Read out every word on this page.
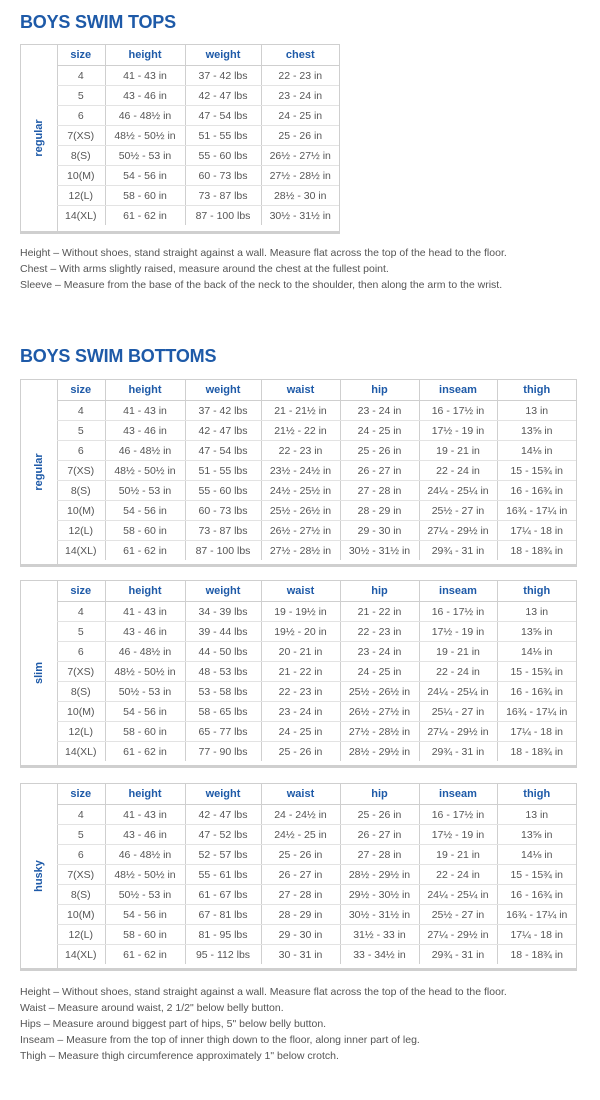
BOYS SWIM TOPS
regular
size	height	weight	chest
4	41 - 43 in	37 - 42 lbs	22 - 23 in
5	43 - 46 in	42 - 47 lbs	23 - 24 in
6	46 - 48½ in	47 - 54 lbs	24 - 25 in
7(XS)	48½ - 50½ in	51 - 55 lbs	25 - 26 in
8(S)	50½ - 53 in	55 - 60 lbs	26½ - 27½ in
10(M)	54 - 56 in	60 - 73 lbs	27½ - 28½ in
12(L)	58 - 60 in	73 - 87 lbs	28½ - 30 in
14(XL)	61 - 62 in	87 - 100 lbs	30½ - 31½ in
Height – Without shoes, stand straight against a wall. Measure flat across the top of the head to the floor.
Chest – With arms slightly raised, measure around the chest at the fullest point.
Sleeve – Measure from the base of the back of the neck to the shoulder, then along the arm to the wrist.
BOYS SWIM BOTTOMS
regular
size	height	weight	waist	hip	inseam	thigh
4	41 - 43 in	37 - 42 lbs	21 - 21½ in	23 - 24 in	16 - 17½ in	13 in
5	43 - 46 in	42 - 47 lbs	21½ - 22 in	24 - 25 in	17½ - 19 in	13⅝ in
6	46 - 48½ in	47 - 54 lbs	22 - 23 in	25 - 26 in	19 - 21 in	14⅛ in
7(XS)	48½ - 50½ in	51 - 55 lbs	23½ - 24½ in	26 - 27 in	22 - 24 in	15 - 15¾ in
8(S)	50½ - 53 in	55 - 60 lbs	24½ - 25½ in	27 - 28 in	24¼ - 25¼ in	16 - 16¾ in
10(M)	54 - 56 in	60 - 73 lbs	25½ - 26½ in	28 - 29 in	25½ - 27 in	16¾ - 17¼ in
12(L)	58 - 60 in	73 - 87 lbs	26½ - 27½ in	29 - 30 in	27¼ - 29½ in	17¼ - 18 in
14(XL)	61 - 62 in	87 - 100 lbs	27½ - 28½ in	30½ - 31½ in	29¾ - 31 in	18 - 18¾ in
slim
size	height	weight	waist	hip	inseam	thigh
4	41 - 43 in	34 - 39 lbs	19 - 19½ in	21 - 22 in	16 - 17½ in	13 in
5	43 - 46 in	39 - 44 lbs	19½ - 20 in	22 - 23 in	17½ - 19 in	13⅝ in
6	46 - 48½ in	44 - 50 lbs	20 - 21 in	23 - 24 in	19 - 21 in	14⅛ in
7(XS)	48½ - 50½ in	48 - 53 lbs	21 - 22 in	24 - 25 in	22 - 24 in	15 - 15¾ in
8(S)	50½ - 53 in	53 - 58 lbs	22 - 23 in	25½ - 26½ in	24¼ - 25¼ in	16 - 16¾ in
10(M)	54 - 56 in	58 - 65 lbs	23 - 24 in	26½ - 27½ in	25¼ - 27 in	16¾ - 17¼ in
12(L)	58 - 60 in	65 - 77 lbs	24 - 25 in	27½ - 28½ in	27¼ - 29½ in	17¼ - 18 in
14(XL)	61 - 62 in	77 - 90 lbs	25 - 26 in	28½ - 29½ in	29¾ - 31 in	18 - 18¾ in
husky
size	height	weight	waist	hip	inseam	thigh
4	41 - 43 in	42 - 47 lbs	24 - 24½ in	25 - 26 in	16 - 17½ in	13 in
5	43 - 46 in	47 - 52 lbs	24½ - 25 in	26 - 27 in	17½ - 19 in	13⅝ in
6	46 - 48½ in	52 - 57 lbs	25 - 26 in	27 - 28 in	19 - 21 in	14⅛ in
7(XS)	48½ - 50½ in	55 - 61 lbs	26 - 27 in	28½ - 29½ in	22 - 24 in	15 - 15¾ in
8(S)	50½ - 53 in	61 - 67 lbs	27 - 28 in	29½ - 30½ in	24¼ - 25¼ in	16 - 16¾ in
10(M)	54 - 56 in	67 - 81 lbs	28 - 29 in	30½ - 31½ in	25½ - 27 in	16¾ - 17¼ in
12(L)	58 - 60 in	81 - 95 lbs	29 - 30 in	31½ - 33 in	27¼ - 29½ in	17¼ - 18 in
14(XL)	61 - 62 in	95 - 112 lbs	30 - 31 in	33 - 34½ in	29¾ - 31 in	18 - 18¾ in
Height – Without shoes, stand straight against a wall. Measure flat across the top of the head to the floor.
Waist – Measure around waist, 2 1/2" below belly button.
Hips – Measure around biggest part of hips, 5" below belly button.
Inseam – Measure from the top of inner thigh down to the floor, along inner part of leg.
Thigh – Measure thigh circumference approximately 1" below crotch.
